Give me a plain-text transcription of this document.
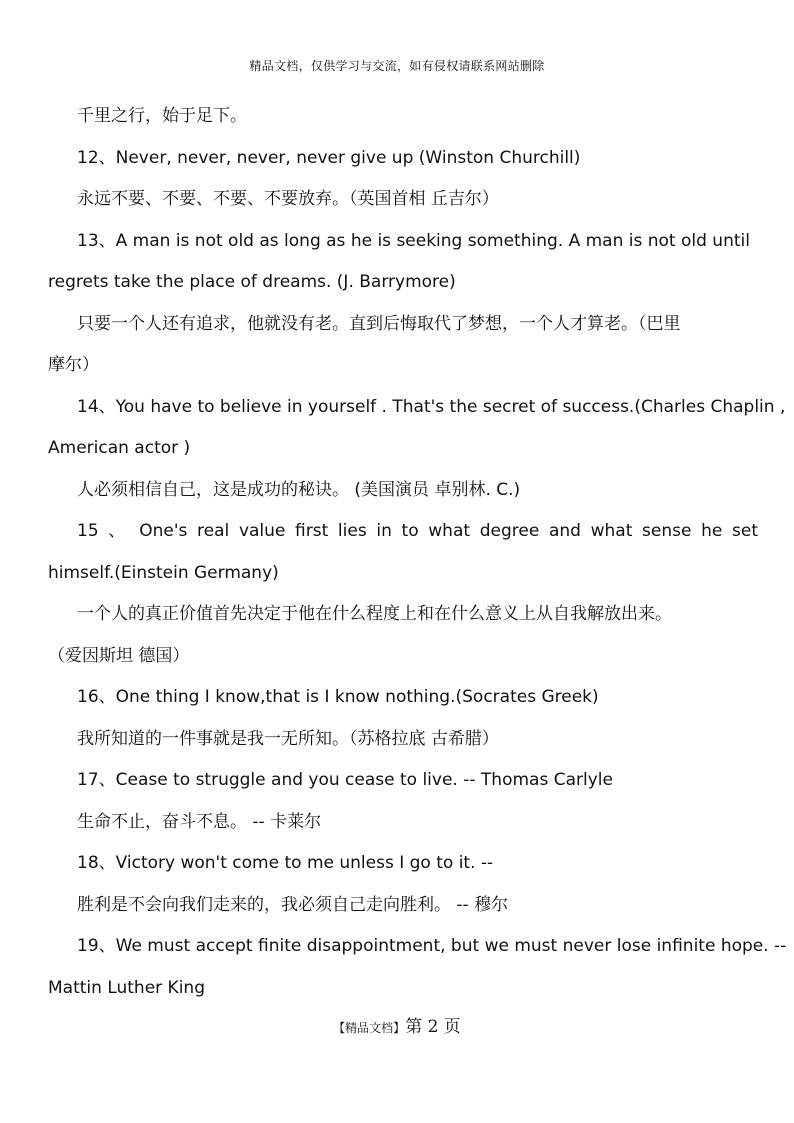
精品文档，仅供学习与交流，如有侵权请联系网站删除
千里之行，始于足下。
12、Never, never, never, never give up (Winston Churchill)
永远不要、不要、不要、不要放弃。（英国首相 丘吉尔）
13、A man is not old as long as he is seeking something. A man is not old until
regrets take the place of dreams. (J. Barrymore)
只要一个人还有追求，他就没有老。直到后悔取代了梦想，一个人才算老。（巴里
摩尔）
14、You have to believe in yourself . That's the secret of success.(Charles Chaplin ,
American actor )
人必须相信自己，这是成功的秘诀。 (美国演员 卓别林. C.)
15 、 One's real value first lies in to what degree and what sense he set
himself.(Einstein Germany)
一个人的真正价值首先决定于他在什么程度上和在什么意义上从自我解放出来。
（爱因斯坦 德国）
16、One thing I know,that is I know nothing.(Socrates Greek)
我所知道的一件事就是我一无所知。（苏格拉底 古希腊）
17、Cease to struggle and you cease to live. -- Thomas Carlyle
生命不止，奋斗不息。 -- 卡莱尔
18、Victory won't come to me unless I go to it. --
胜利是不会向我们走来的，我必须自己走向胜利。 -- 穆尔
19、We must accept finite disappointment, but we must never lose infinite hope. --
Mattin Luther King
【精品文档】第 2 页
